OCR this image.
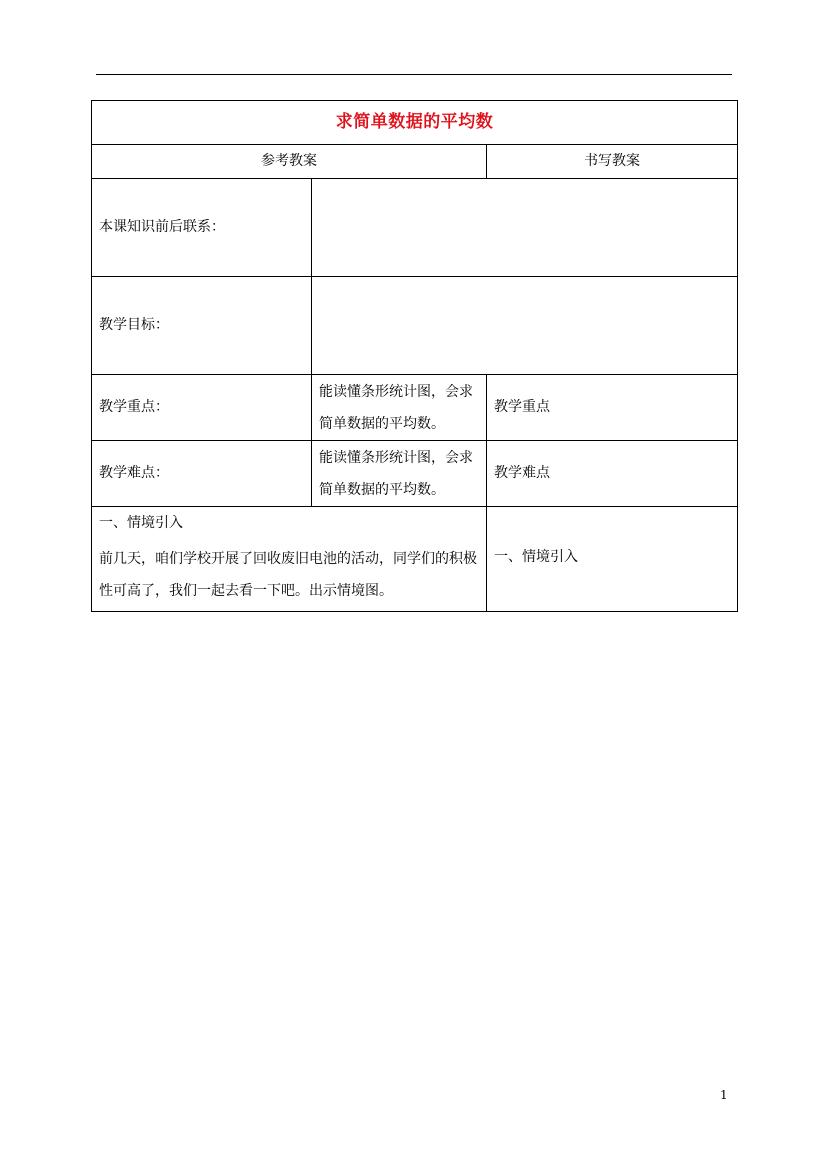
求简单数据的平均数		
参考教案		书写教案
本课知识前后联系：		
教学目标：		
教学重点：	能读懂条形统计图，会求简单数据的平均数。	教学重点
教学难点：	能读懂条形统计图，会求简单数据的平均数。	教学难点

一、情境引入

前几天，咱们学校开展了回收废旧电池的活动，同学们的积极性可高了，我们一起去看一下吧。出示情境图。		一、情境引入

1
